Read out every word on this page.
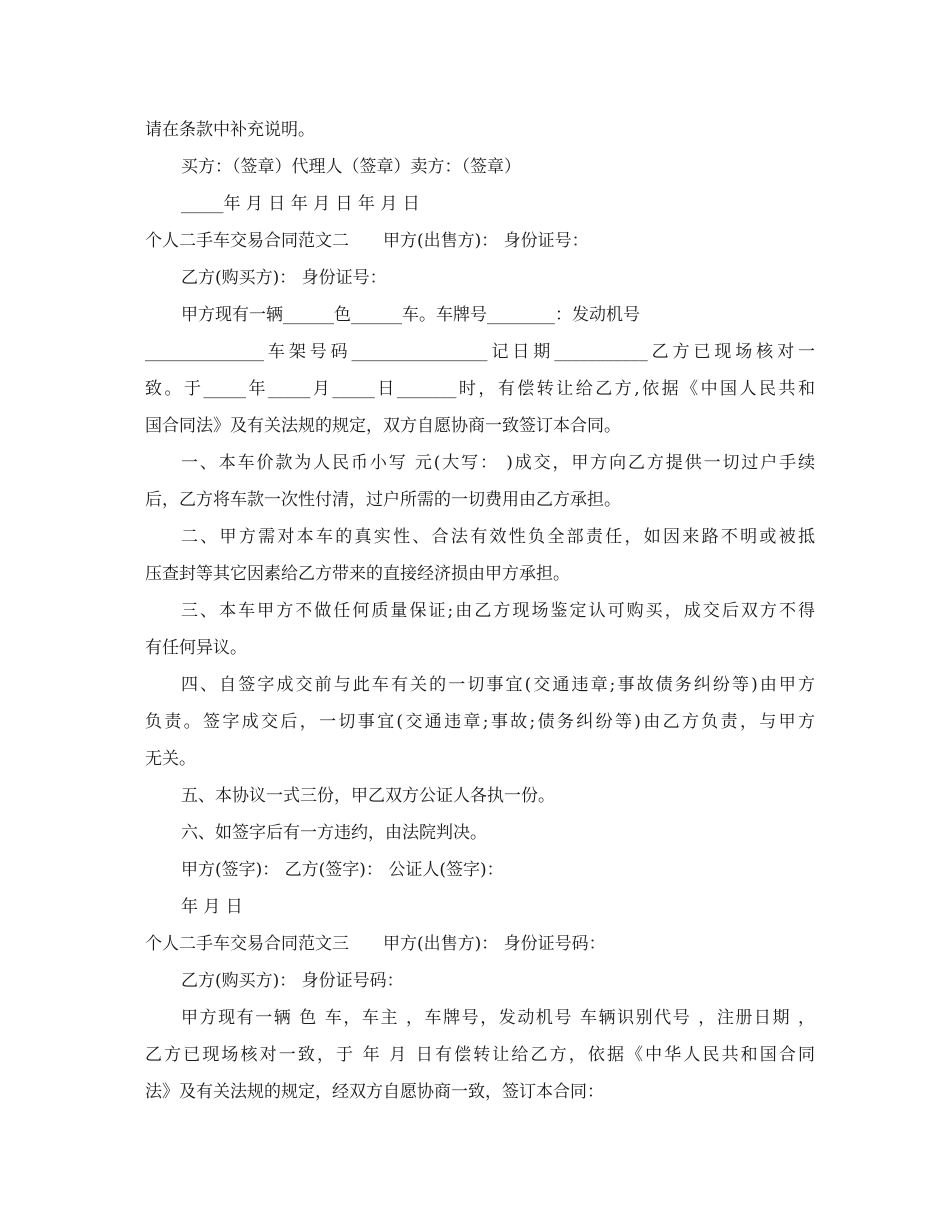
请在条款中补充说明。
买方：（签章）代理人（签章）卖方：（签章）
_____年 月 日 年 月 日 年 月 日
个人二手车交易合同范文二　　甲方(出售方)： 身份证号：
乙方(购买方)： 身份证号：
甲方现有一辆______色______车。车牌号________：发动机号
______________车架号码________________记日期___________乙方已现场核对一
致。于_____年_____月_____日_______时，有偿转让给乙方,依据《中国人民共和
国合同法》及有关法规的规定，双方自愿协商一致签订本合同。
一、本车价款为人民币小写 元(大写： )成交，甲方向乙方提供一切过户手续
后，乙方将车款一次性付清，过户所需的一切费用由乙方承担。
二、甲方需对本车的真实性、合法有效性负全部责任，如因来路不明或被抵
压查封等其它因素给乙方带来的直接经济损由甲方承担。
三、本车甲方不做任何质量保证;由乙方现场鉴定认可购买，成交后双方不得
有任何异议。
四、自签字成交前与此车有关的一切事宜(交通违章;事故债务纠纷等)由甲方
负责。签字成交后，一切事宜(交通违章;事故;债务纠纷等)由乙方负责，与甲方
无关。
五、本协议一式三份，甲乙双方公证人各执一份。
六、如签字后有一方违约，由法院判决。
甲方(签字)： 乙方(签字)： 公证人(签字)：
年 月 日
个人二手车交易合同范文三　　甲方(出售方)： 身份证号码：
乙方(购买方)： 身份证号码：
甲方现有一辆 色 车，车主 ，车牌号，发动机号 车辆识别代号 ，注册日期 ，
乙方已现场核对一致，于 年 月 日有偿转让给乙方，依据《中华人民共和国合同
法》及有关法规的规定，经双方自愿协商一致，签订本合同：
